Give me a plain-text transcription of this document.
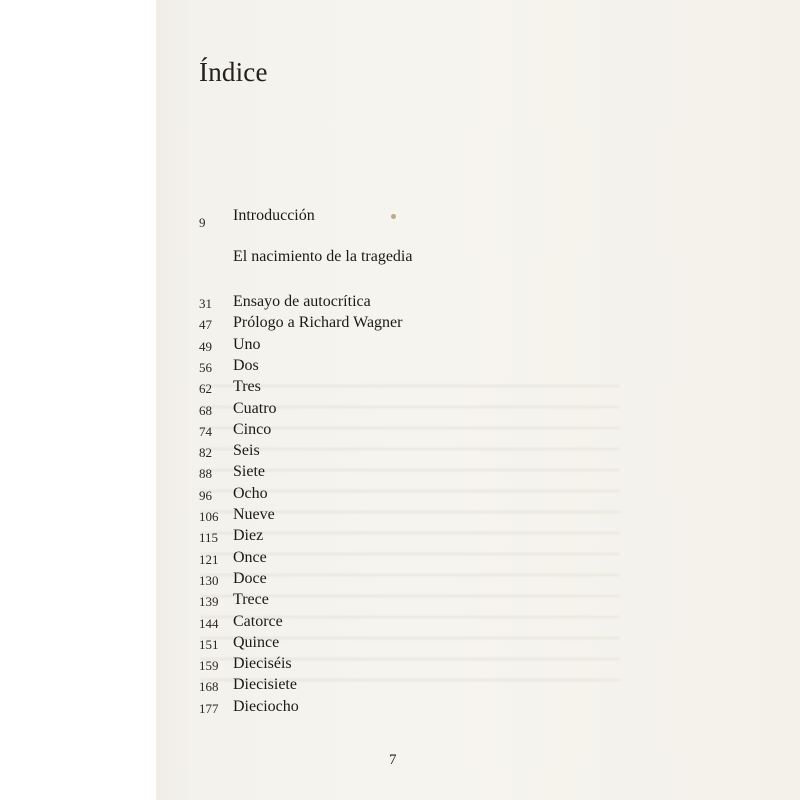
Índice
9 Introducción
El nacimiento de la tragedia
31 Ensayo de autocrítica
47 Prólogo a Richard Wagner
49 Uno
56 Dos
62 Tres
68 Cuatro
74 Cinco
82 Seis
88 Siete
96 Ocho
106 Nueve
115 Diez
121 Once
130 Doce
139 Trece
144 Catorce
151 Quince
159 Dieciséis
168 Diecisiete
177 Dieciocho
7
